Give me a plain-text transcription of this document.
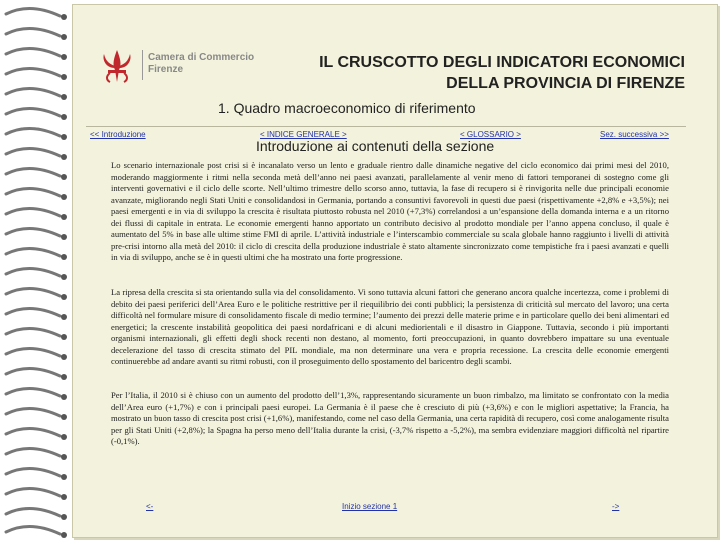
Camera di Commercio
Firenze	IL CRUSCOTTO DEGLI INDICATORI ECONOMICI
DELLA PROVINCIA DI FIRENZE
1. Quadro macroeconomico di riferimento
<< Introduzione	< INDICE GENERALE >	< GLOSSARIO >	Sez. successiva >>
Introduzione ai contenuti della sezione

Lo scenario internazionale post crisi si è incanalato verso un lento e graduale rientro dalle dinamiche negative del ciclo economico dai primi mesi del 2010, moderando maggiormente i ritmi nella seconda metà dell’anno nei paesi avanzati, parallelamente al venir meno di fattori temporanei di sostegno come gli interventi governativi e il ciclo delle scorte. Nell’ultimo trimestre dello scorso anno, tuttavia, la fase di recupero si è rinvigorita nelle due principali economie avanzate, migliorando negli Stati Uniti e consolidandosi in Germania, portando a consuntivi favorevoli in questi due paesi (rispettivamente +2,8% e +3,5%); nei paesi emergenti e in via di sviluppo la crescita è risultata piuttosto robusta nel 2010 (+7,3%) correlandosi a un’espansione della domanda interna e a un ritorno dei flussi di capitale in entrata. Le economie emergenti hanno apportato un contributo decisivo al prodotto mondiale per l’anno appena concluso, il quale è aumentato del 5% in base alle ultime stime FMI di aprile. L’attività industriale e l’interscambio commerciale su scala globale hanno raggiunto i livelli di attività pre-crisi intorno alla metà del 2010: il ciclo di crescita della produzione industriale è stato altamente sincronizzato come tempistiche fra i paesi avanzati e quelli in via di sviluppo, anche se è in questi ultimi che ha mostrato una forte progressione.

La ripresa della crescita si sta orientando sulla via del consolidamento. Vi sono tuttavia alcuni fattori che generano ancora qualche incertezza, come i problemi di debito dei paesi periferici dell’Area Euro e le politiche restrittive per il riequilibrio dei conti pubblici; la persistenza di criticità sul mercato del lavoro; una certa difficoltà nel formulare misure di consolidamento fiscale di medio termine; l’aumento dei prezzi delle materie prime e in particolare quello dei beni alimentari ed energetici; la crescente instabilità geopolitica dei paesi nordafricani e di alcuni mediorientali e il disastro in Giappone. Tuttavia, secondo i più importanti organismi internazionali, gli effetti degli shock recenti non destano, al momento, forti preoccupazioni, in quanto dovrebbero impattare su una eventuale decelerazione del tasso di crescita stimato del PIL mondiale, ma non determinare una vera e propria recessione. La crescita delle economie emergenti continuerebbe ad andare avanti su ritmi robusti, con il proseguimento dello spostamento del baricentro degli scambi.

Per l’Italia, il 2010 si è chiuso con un aumento del prodotto dell’1,3%, rappresentando sicuramente un buon rimbalzo, ma limitato se confrontato con la media dell’Area euro (+1,7%) e con i principali paesi europei. La Germania è il paese che è cresciuto di più (+3,6%) e con le migliori aspettative; la Francia, ha mostrato un buon tasso di crescita post crisi (+1,6%), manifestando, come nel caso della Germania, una certa rapidità di recupero, così come analogamente risulta per gli Stati Uniti (+2,8%); la Spagna ha perso meno dell’Italia durante la crisi, (-3,7% rispetto a -5,2%), ma sembra evidenziare maggiori difficoltà nel ripartire (-0,1%).

<-	Inizio sezione 1	->
